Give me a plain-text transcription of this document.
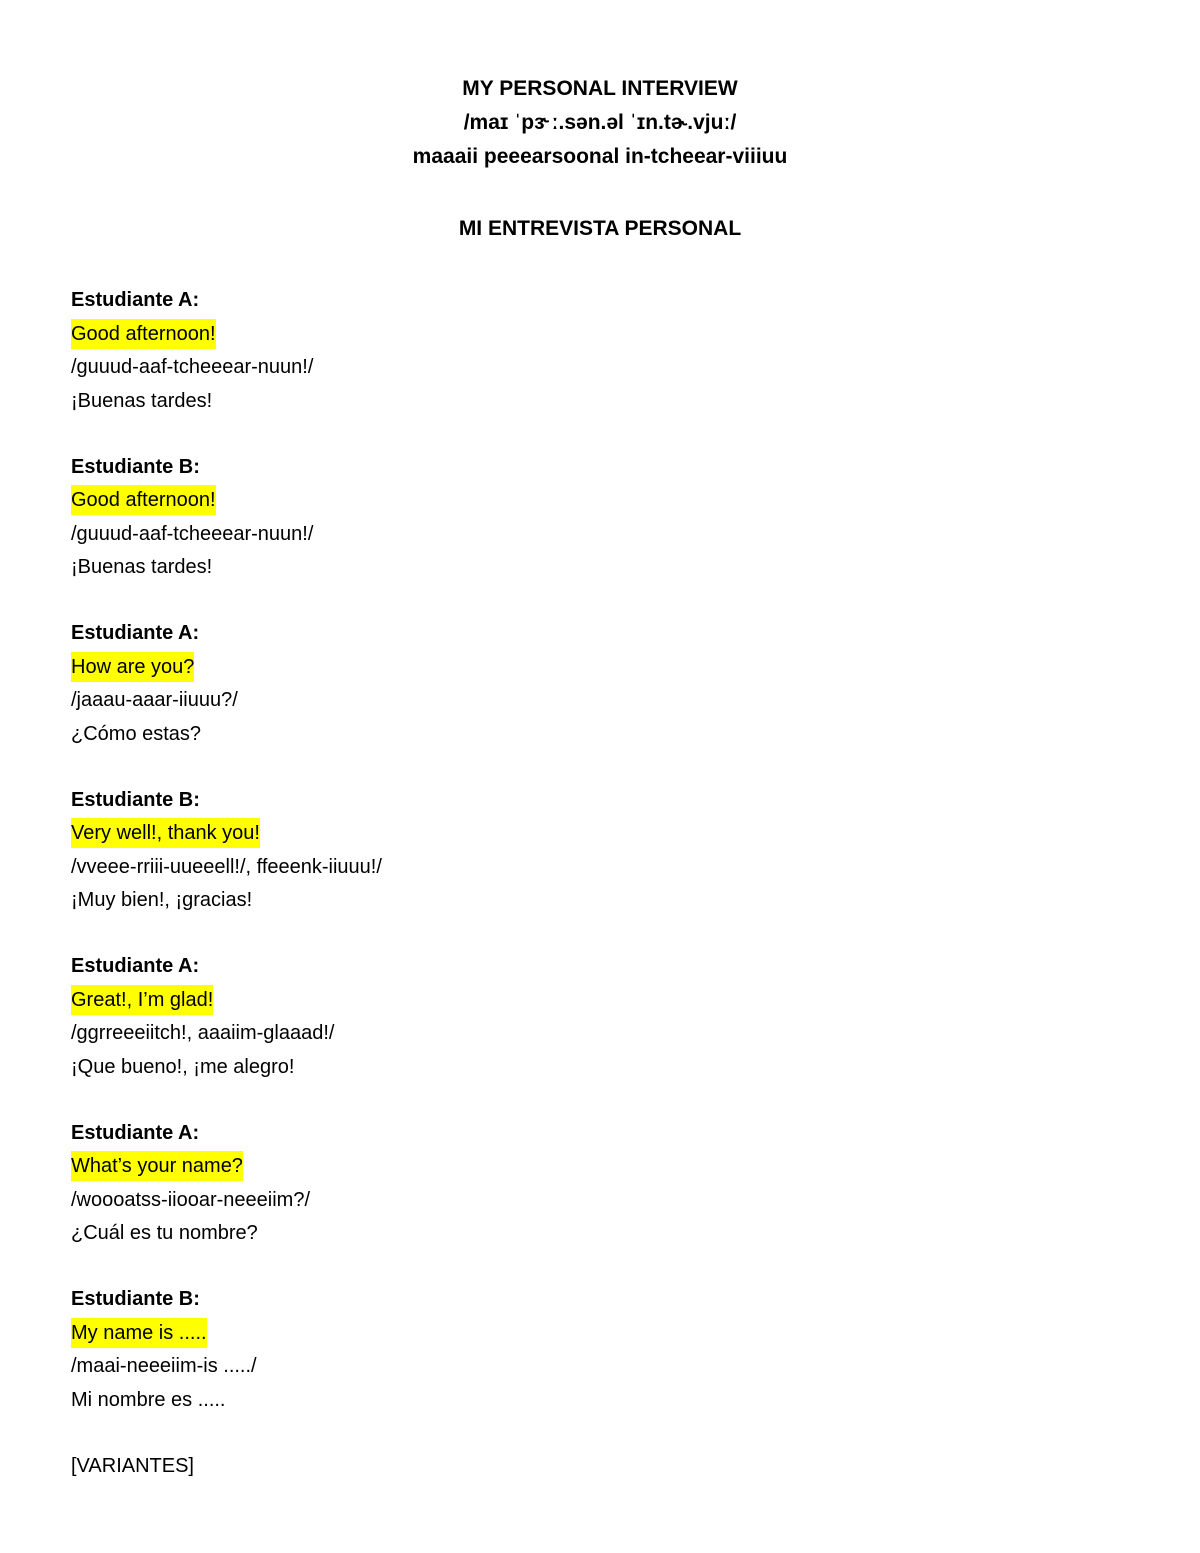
MY PERSONAL INTERVIEW
/maɪ ˈpɜ˞ː.sən.əl ˈɪn.tɚ.vjuː/
maaaii peeearsoonal in-tcheear-viiiuu
MI ENTREVISTA PERSONAL
Estudiante A:
Good afternoon!
/guuud-aaf-tcheeear-nuun!/
¡Buenas tardes!
Estudiante B:
Good afternoon!
/guuud-aaf-tcheeear-nuun!/
¡Buenas tardes!
Estudiante A:
How are you?
/jaaau-aaar-iiuuu?/
¿Cómo estas?
Estudiante B:
Very well!, thank you!
/vveee-rriii-uueeell!/, ffeeenk-iiuuu!/
¡Muy bien!, ¡gracias!
Estudiante A:
Great!, I’m glad!
/ggrreeeiitch!, aaaiim-glaaad!/
¡Que bueno!, ¡me alegro!
Estudiante A:
What’s your name?
/woooatss-iiooar-neeeiim?/
¿Cuál es tu nombre?
Estudiante B:
My name is .....
/maai-neeeiim-is ...../
Mi nombre es .....
[VARIANTES]
